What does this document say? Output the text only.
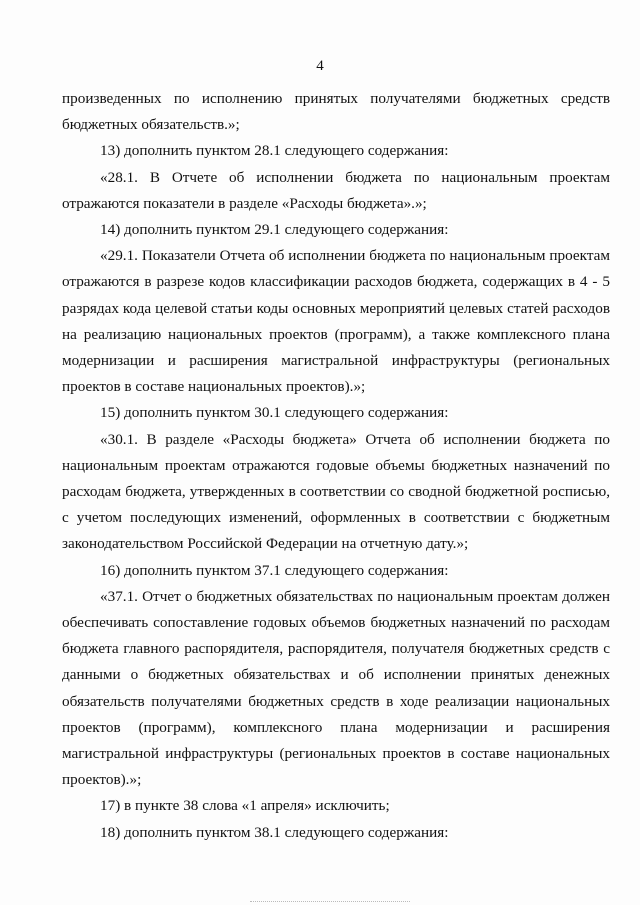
4

произведенных по исполнению принятых получателями бюджетных средств бюджетных обязательств.»;

13) дополнить пунктом 28.1 следующего содержания:

«28.1. В Отчете об исполнении бюджета по национальным проектам отражаются показатели в разделе «Расходы бюджета».»;

14) дополнить пунктом 29.1 следующего содержания:

«29.1. Показатели Отчета об исполнении бюджета по национальным проектам отражаются в разрезе кодов классификации расходов бюджета, содержащих в 4 - 5 разрядах кода целевой статьи коды основных мероприятий целевых статей расходов на реализацию национальных проектов (программ), а также комплексного плана модернизации и расширения магистральной инфраструктуры (региональных проектов в составе национальных проектов).»;

15) дополнить пунктом 30.1 следующего содержания:

«30.1. В разделе «Расходы бюджета» Отчета об исполнении бюджета по национальным проектам отражаются годовые объемы бюджетных назначений по расходам бюджета, утвержденных в соответствии со сводной бюджетной росписью, с учетом последующих изменений, оформленных в соответствии с бюджетным законодательством Российской Федерации на отчетную дату.»;

16) дополнить пунктом 37.1 следующего содержания:

«37.1. Отчет о бюджетных обязательствах по национальным проектам должен обеспечивать сопоставление годовых объемов бюджетных назначений по расходам бюджета главного распорядителя, распорядителя, получателя бюджетных средств с данными о бюджетных обязательствах и об исполнении принятых денежных обязательств получателями бюджетных средств в ходе реализации национальных проектов (программ), комплексного плана модернизации и расширения магистральной инфраструктуры (региональных проектов в составе национальных проектов).»;

17) в пункте 38 слова «1 апреля» исключить;

18) дополнить пунктом 38.1 следующего содержания:
